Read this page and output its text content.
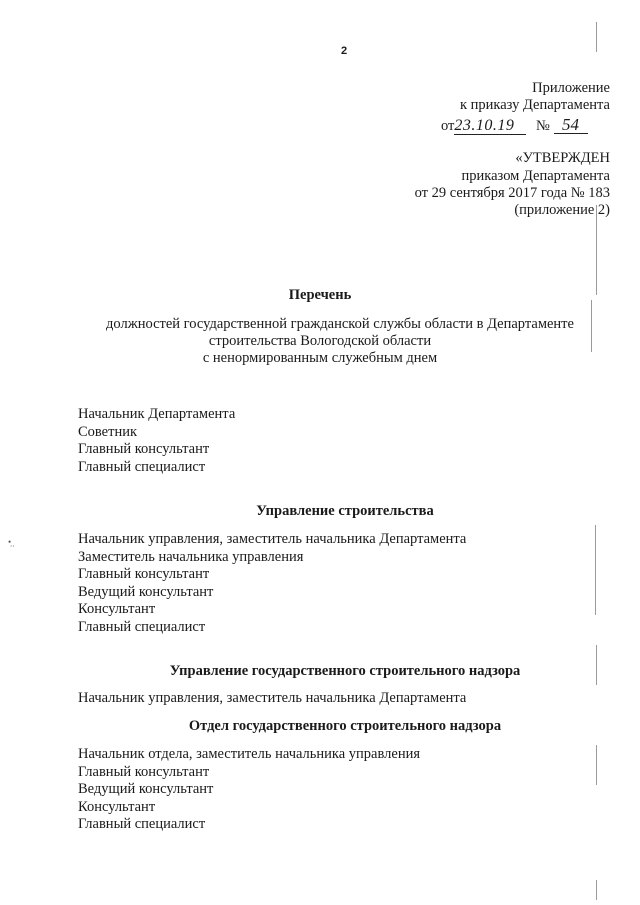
2
•̣ ̣
Приложение
к приказу Департамента
от23.10.19 № 54
«УТВЕРЖДЕН
приказом Департамента
от 29 сентября 2017 года № 183
(приложение 2)
Перечень
должностей государственной гражданской службы области в Департаменте
строительства Вологодской области
с ненормированным служебным днем
Начальник Департамента
Советник
Главный консультант
Главный специалист
Управление строительства
Начальник управления, заместитель начальника Департамента
Заместитель начальника управления
Главный консультант
Ведущий консультант
Консультант
Главный специалист
Управление государственного строительного надзора
Начальник управления, заместитель начальника Департамента
Отдел государственного строительного надзора
Начальник отдела, заместитель начальника управления
Главный консультант
Ведущий консультант
Консультант
Главный специалист
